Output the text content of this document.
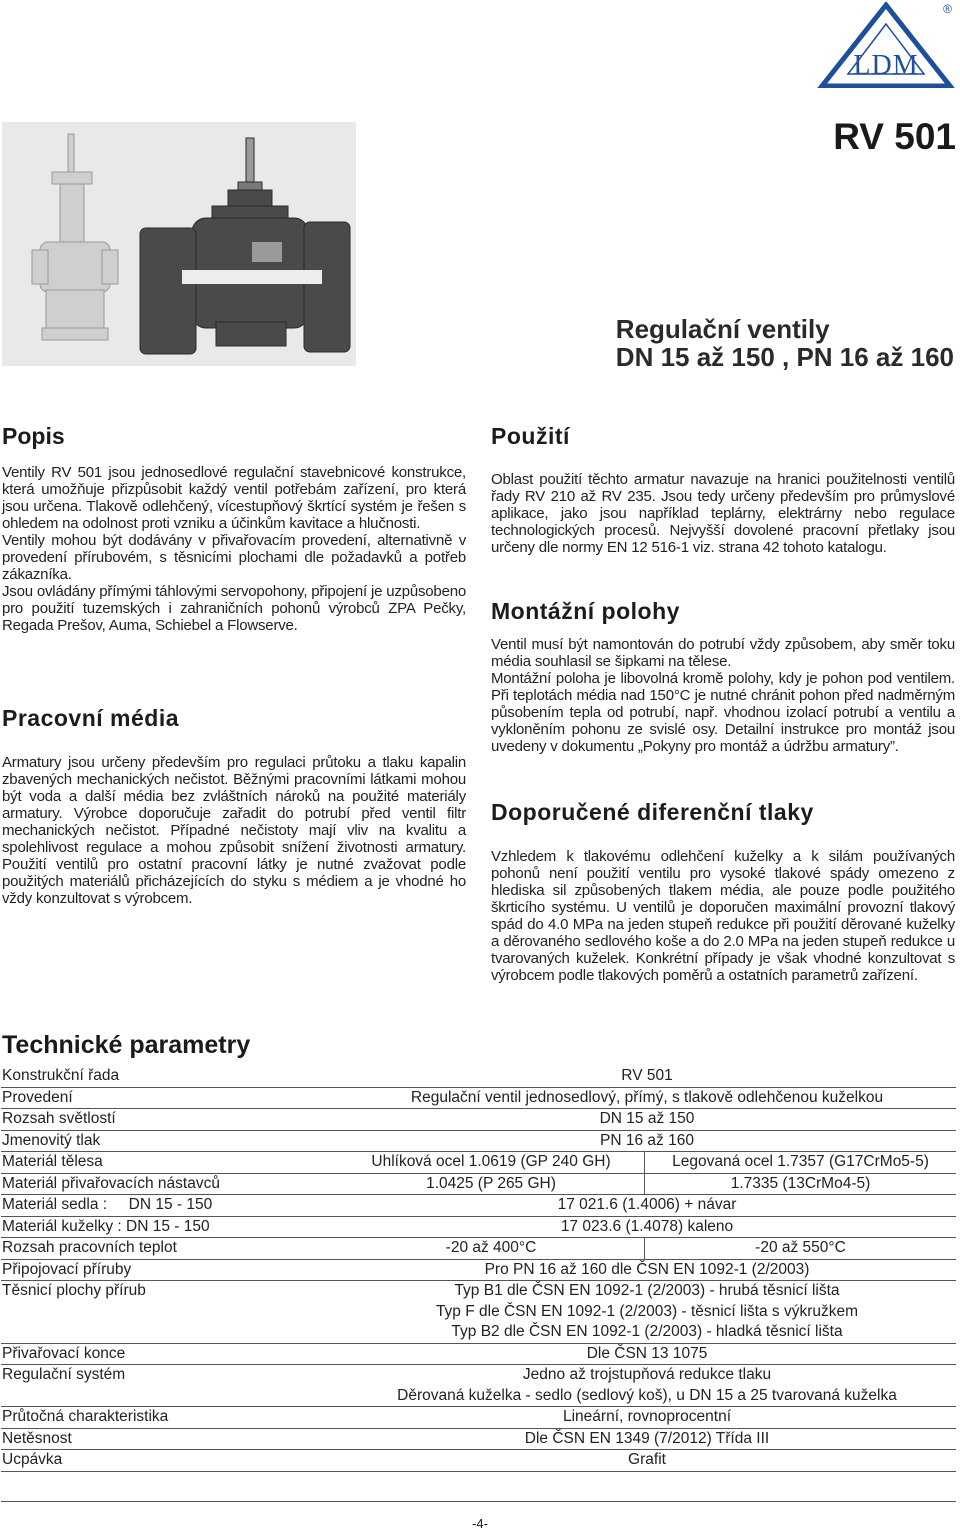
LDM
®
RV 501
Regulační ventily
DN 15 až 150 , PN 16 až 160
Popis
Ventily RV 501 jsou jednosedlové regulační stavebnicové konstrukce, která umožňuje přizpůsobit každý ventil potřebám zařízení, pro která jsou určena. Tlakově odlehčený, vícestupňový škrtící systém je řešen s ohledem na odolnost proti vzniku a účinkům kavitace a hlučnosti.
Ventily mohou být dodávány v přivařovacím provedení, alternativně v provedení přírubovém, s těsnicími plochami dle požadavků a potřeb zákazníka.
Jsou ovládány přímými táhlovými servopohony, připojení je uzpůsobeno pro použití tuzemských i zahraničních pohonů výrobců ZPA Pečky, Regada Prešov, Auma, Schiebel a Flowserve.
Pracovní média
Armatury jsou určeny především pro regulaci průtoku a tlaku kapalin zbavených mechanických nečistot. Běžnými pracovními látkami mohou být voda a další média bez zvláštních nároků na použité materiály armatury. Výrobce doporučuje zařadit do potrubí před ventil filtr mechanických nečistot. Případné nečistoty mají vliv na kvalitu a spolehlivost regulace a mohou způsobit snížení životnosti armatury. Použití ventilů pro ostatní pracovní látky je nutné zvažovat podle použitých materiálů přicházejících do styku s médiem a je vhodné ho vždy konzultovat s výrobcem.
Použití
Oblast použití těchto armatur navazuje na hranici použitelnosti ventilů řady RV 210 až RV 235. Jsou tedy určeny především pro průmyslové aplikace, jako jsou například teplárny, elektrárny nebo regulace technologických procesů. Nejvyšší dovolené pracovní přetlaky jsou určeny dle normy EN 12 516-1 viz. strana 42 tohoto katalogu.
Montážní polohy
Ventil musí být namontován do potrubí vždy způsobem, aby směr toku média souhlasil se šipkami na tělese.
Montážní poloha je libovolná kromě polohy, kdy je pohon pod ventilem. Při teplotách média nad 150°C je nutné chránit pohon před nadměrným působením tepla od potrubí, např. vhodnou izolací potrubí a ventilu a vykloněním pohonu ze svislé osy. Detailní instrukce pro montáž jsou uvedeny v dokumentu „Pokyny pro montáž a údržbu armatury”.
Doporučené diferenční tlaky
Vzhledem k tlakovému odlehčení kuželky a k silám používaných pohonů není použití ventilu pro vysoké tlakové spády omezeno z hlediska sil způsobených tlakem média, ale pouze podle použitého škrticího systému. U ventilů je doporučen maximální provozní tlakový spád do 4.0 MPa na jeden stupeň redukce při použití děrované kuželky a děrovaného sedlového koše a do 2.0 MPa na jeden stupeň redukce u tvarovaných kuželek. Konkrétní případy je však vhodné konzultovat s výrobcem podle tlakových poměrů a ostatních parametrů zařízení.
Technické parametry
Konstrukční řada	RV 501	
Provedení	Regulační ventil jednosedlový, přímý, s tlakově odlehčenou kuželkou	
Rozsah světlostí	DN 15 až 150	
Jmenovitý tlak	PN 16 až 160	
Materiál tělesa	Uhlíková ocel 1.0619 (GP 240 GH)	Legovaná ocel 1.7357 (G17CrMo5-5)
Materiál přivařovacích nástavců	1.0425 (P 265 GH)	1.7335 (13CrMo4-5)
Materiál sedla :     DN 15 - 150	17 021.6 (1.4006) + návar	
Materiál kuželky : DN 15 - 150	17 023.6 (1.4078) kaleno	
Rozsah pracovních teplot	-20 až 400°C	-20 až 550°C
Připojovací příruby	Pro PN 16 až 160 dle ČSN EN 1092-1 (2/2003)	
Těsnicí plochy přírub	Typ B1 dle ČSN EN 1092-1 (2/2003) - hrubá těsnicí lišta	
	Typ F dle ČSN EN 1092-1 (2/2003) - těsnicí lišta s výkružkem	
	Typ B2 dle ČSN EN 1092-1 (2/2003) - hladká těsnicí lišta	
Přivařovací konce	Dle ČSN 13 1075	
Regulační systém	Jedno až trojstupňová redukce tlaku	
	Děrovaná kuželka - sedlo (sedlový koš), u DN 15 a 25 tvarovaná kuželka	
Průtočná charakteristika	Lineární, rovnoprocentní	
Netěsnost	Dle ČSN EN 1349 (7/2012) Třída III	
Ucpávka	Grafit	
-4-
